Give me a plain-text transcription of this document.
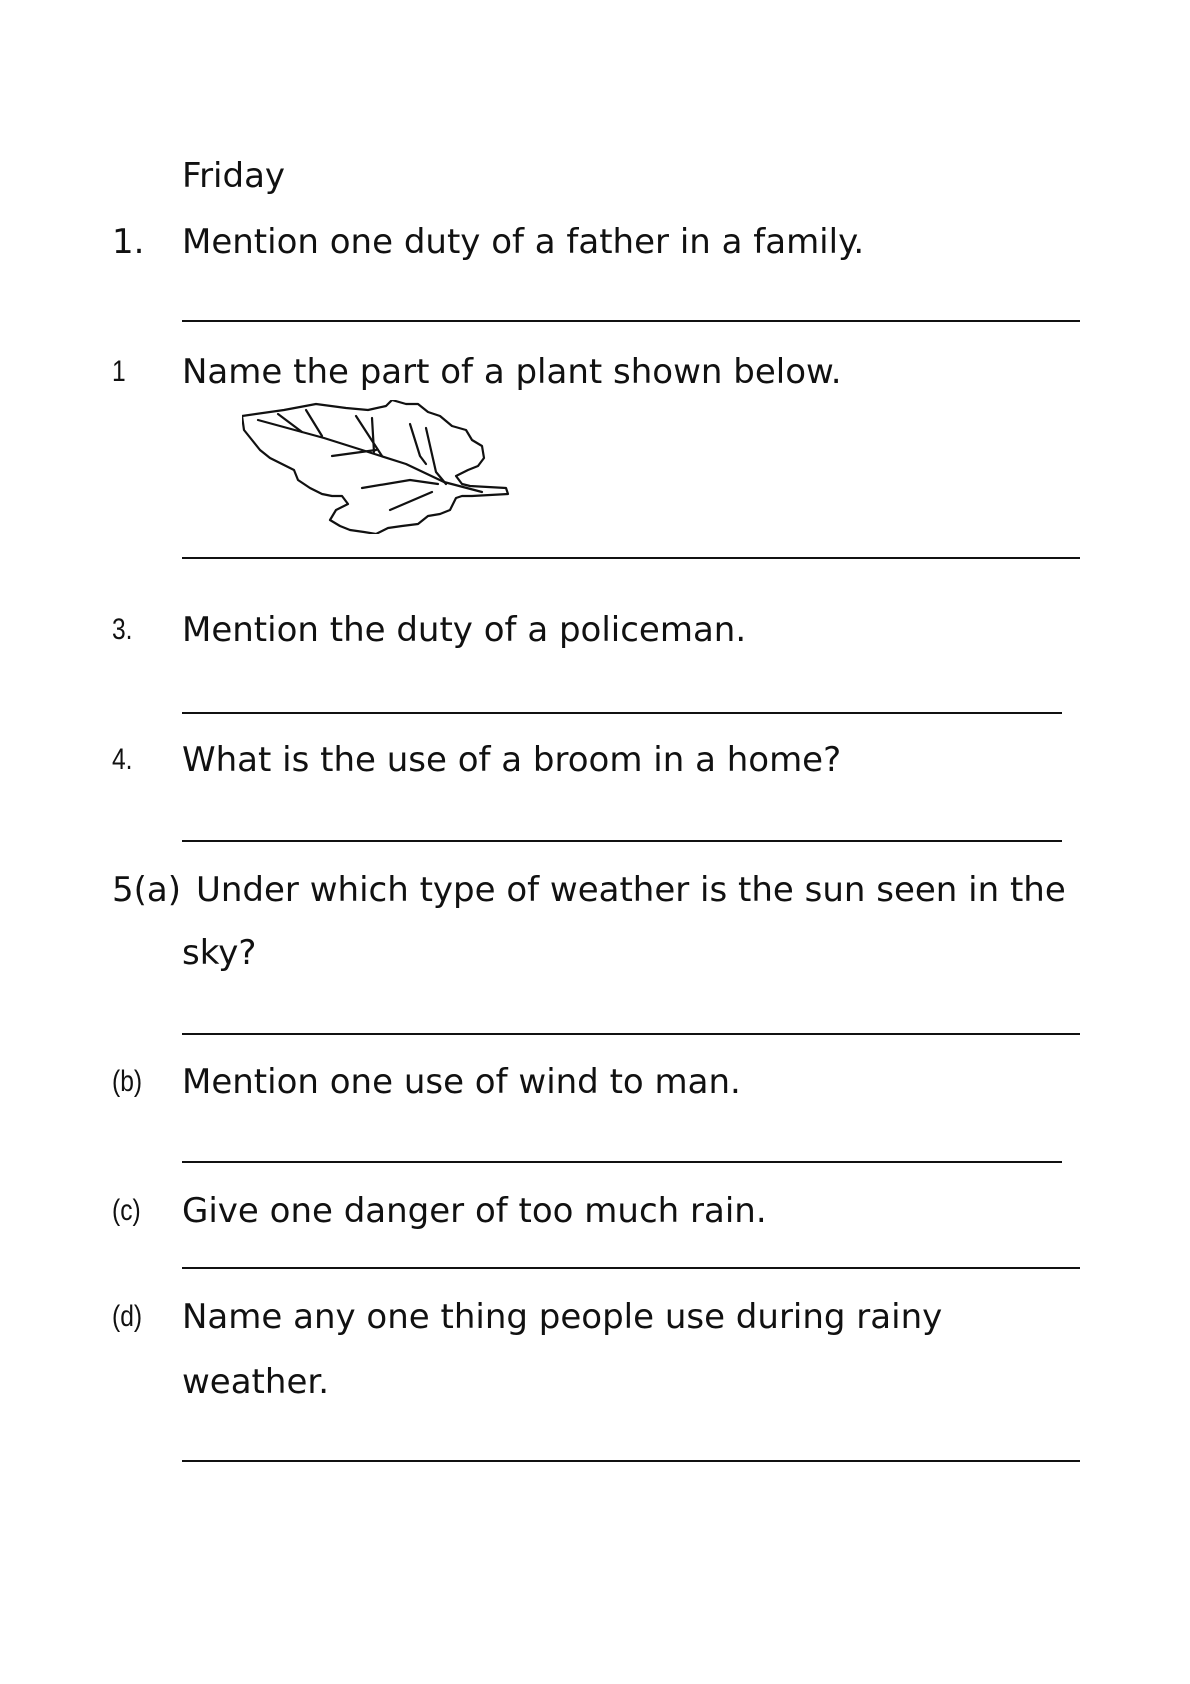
Friday
1. Mention one duty of a father in a family.
1 Name the part of a plant shown below.
3. Mention the duty of a policeman.
4. What is the use of a broom in a home?
5(a) Under which type of weather is the sun seen in the
sky?
(b) Mention one use of wind to man.
(c) Give one danger of too much rain.
(d) Name any one thing people use during rainy
weather.
